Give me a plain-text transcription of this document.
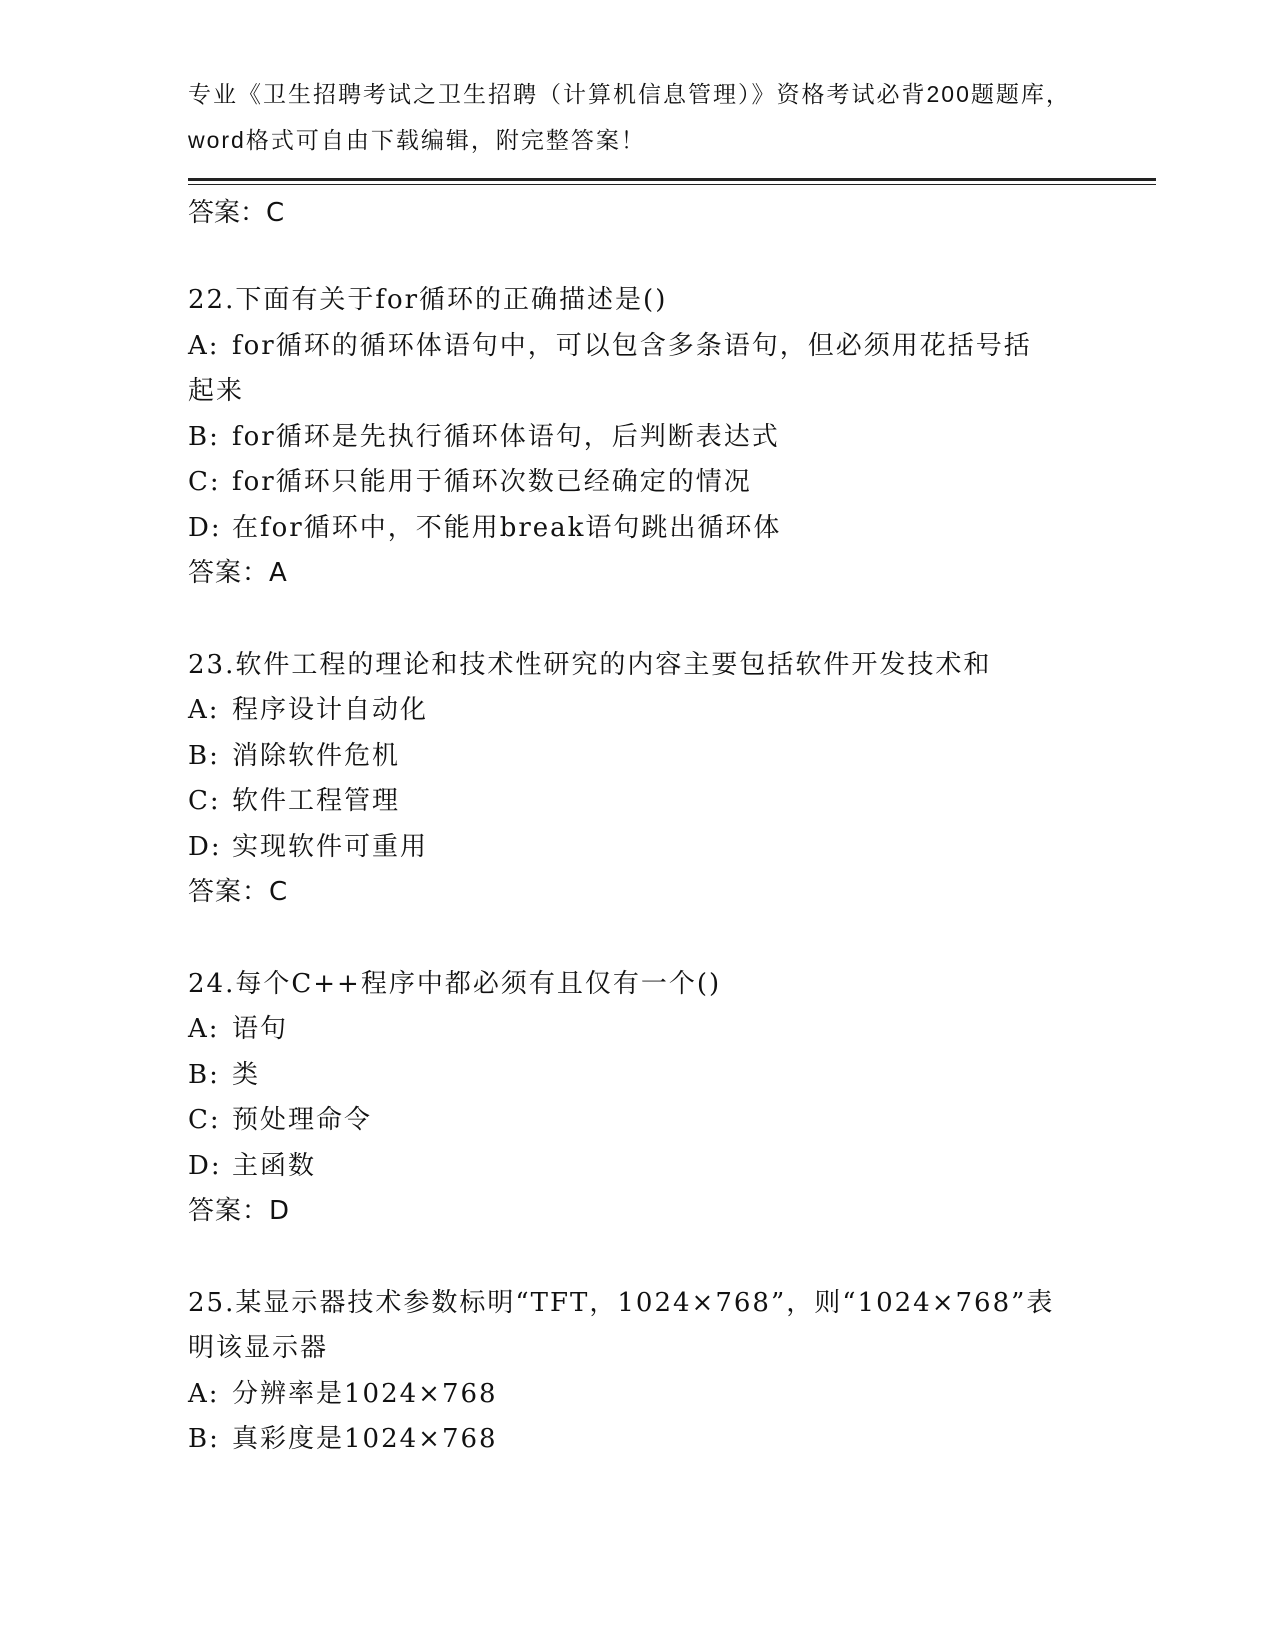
专业《卫生招聘考试之卫生招聘（计算机信息管理）》资格考试必背200题题库，
word格式可自由下载编辑，附完整答案！
答案：C
22.下面有关于for循环的正确描述是()
A: for循环的循环体语句中，可以包含多条语句，但必须用花括号括
起来
B: for循环是先执行循环体语句，后判断表达式
C: for循环只能用于循环次数已经确定的情况
D: 在for循环中，不能用break语句跳出循环体
答案：A
23.软件工程的理论和技术性研究的内容主要包括软件开发技术和
A: 程序设计自动化
B: 消除软件危机
C: 软件工程管理
D: 实现软件可重用
答案：C
24.每个C++程序中都必须有且仅有一个()
A: 语句
B: 类
C: 预处理命令
D: 主函数
答案：D
25.某显示器技术参数标明“TFT，1024×768”，则“1024×768”表
明该显示器
A: 分辨率是1024×768
B: 真彩度是1024×768
